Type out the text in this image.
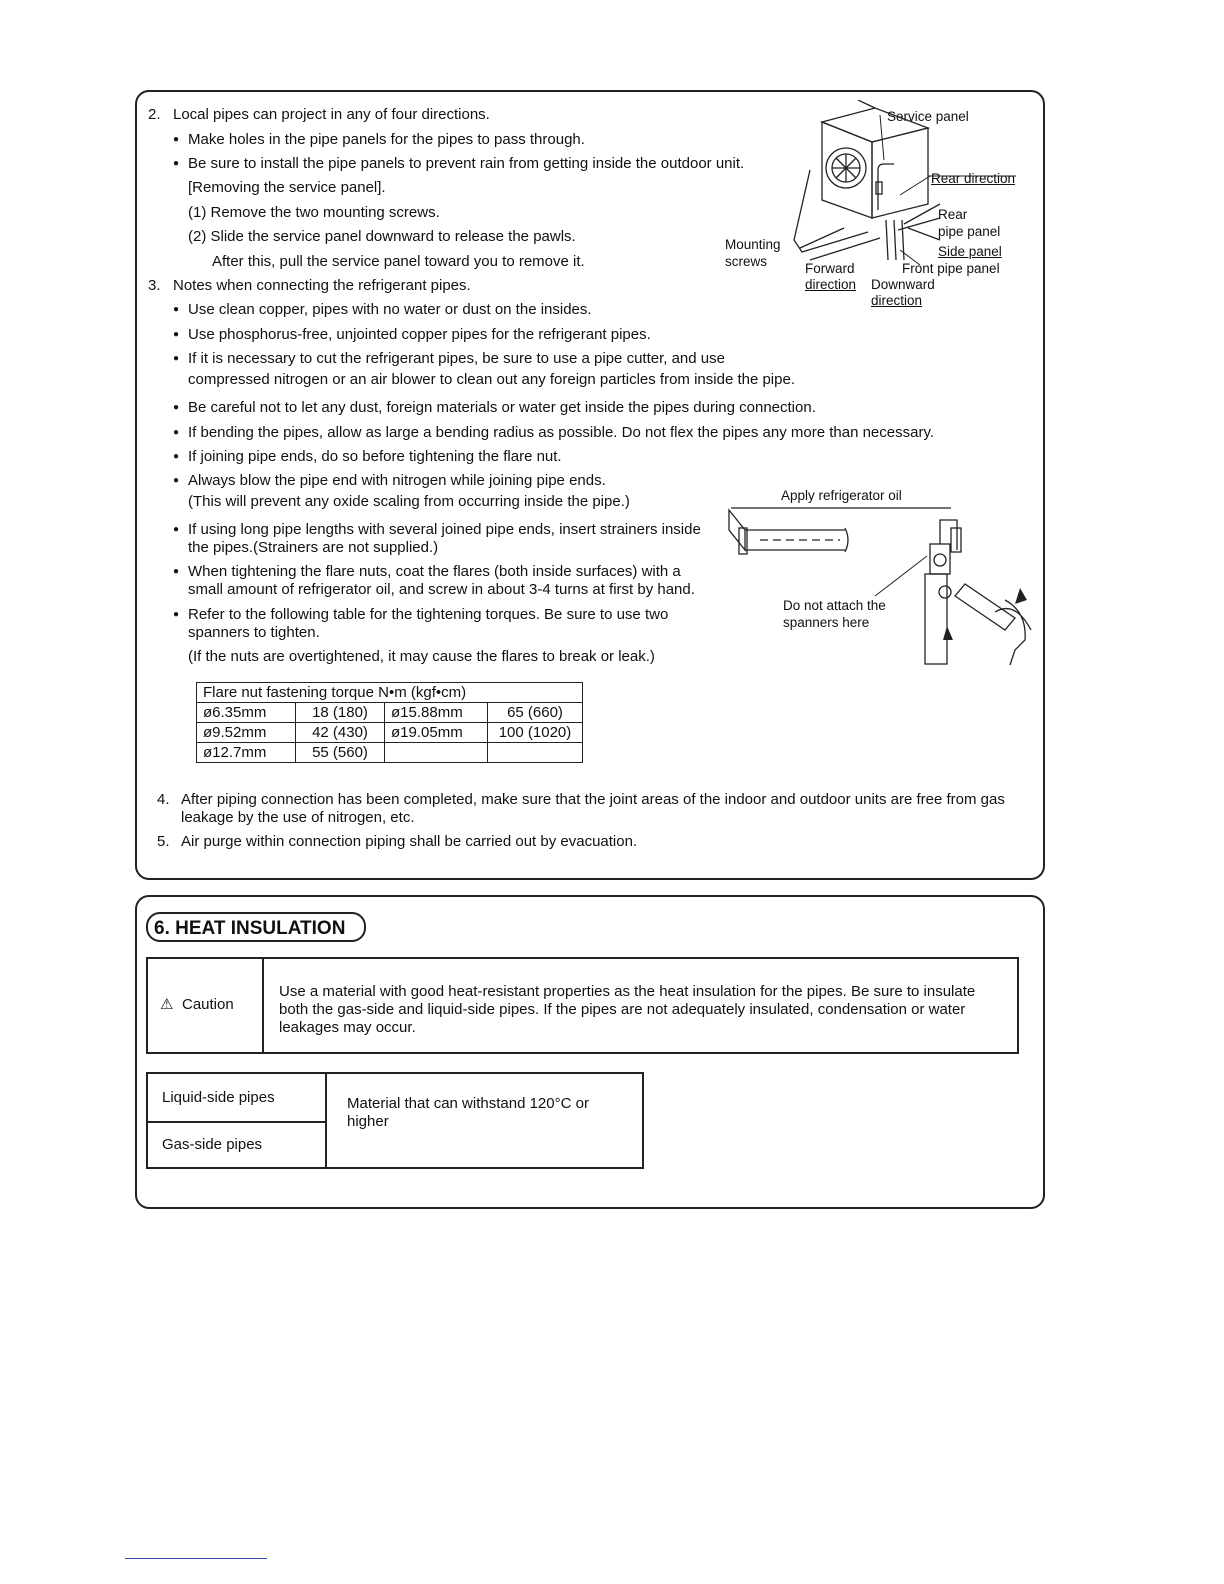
2. Local pipes can project in any of four directions.
● Make holes in the pipe panels for the pipes to pass through.
● Be sure to install the pipe panels to prevent rain from getting inside the outdoor unit.
[Removing the service panel].
(1) Remove the two mounting screws.
(2) Slide the service panel downward to release the pawls.
After this, pull the service panel toward you to remove it.
3. Notes when connecting the refrigerant pipes.
● Use clean copper, pipes with no water or dust on the insides.
● Use phosphorus-free, unjointed copper pipes for the refrigerant pipes.
● If it is necessary to cut the refrigerant pipes, be sure to use a pipe cutter, and use
compressed nitrogen or an air blower to clean out any foreign particles from inside the pipe.
● Be careful not to let any dust, foreign materials or water get inside the pipes during connection.
● If bending the pipes, allow as large a bending radius as possible. Do not flex the pipes any more than necessary.
● If joining pipe ends, do so before tightening the flare nut.
● Always blow the pipe end with nitrogen while joining pipe ends.
(This will prevent any oxide scaling from occurring inside the pipe.)
● If using long pipe lengths with several joined pipe ends, insert strainers inside
the pipes.(Strainers are not supplied.)
● When tightening the flare nuts, coat the flares (both inside surfaces) with a
small amount of refrigerator oil, and screw in about 3-4 turns at first by hand.
● Refer to the following table for the tightening torques. Be sure to use two
spanners to tighten.
(If the nuts are overtightened, it may cause the flares to break or leak.)
Flare nut fastening torque N•m (kgf•cm)			
ø6.35mm	18 (180)	ø15.88mm	65 (660)
ø9.52mm	42 (430)	ø19.05mm	100 (1020)
ø12.7mm	55 (560)		
4. After piping connection has been completed, make sure that the joint areas of the indoor and outdoor units are free from gas
leakage by the use of nitrogen, etc.
5. Air purge within connection piping shall be carried out by evacuation.
Service panel
Rear direction
Rear
pipe panel
Side panel
Front pipe panel
Mounting
screws	Forward
direction Downward
direction
Apply refrigerator oil
Do not attach the
spanners here
6. HEAT INSULATION
⚠ Caution
Use a material with good heat-resistant properties as the heat insulation for the pipes. Be sure to insulate
both the gas-side and liquid-side pipes. If the pipes are not adequately insulated, condensation or water
leakages may occur.
Liquid-side pipes
Gas-side pipes
Material that can withstand 120°C or
higher
